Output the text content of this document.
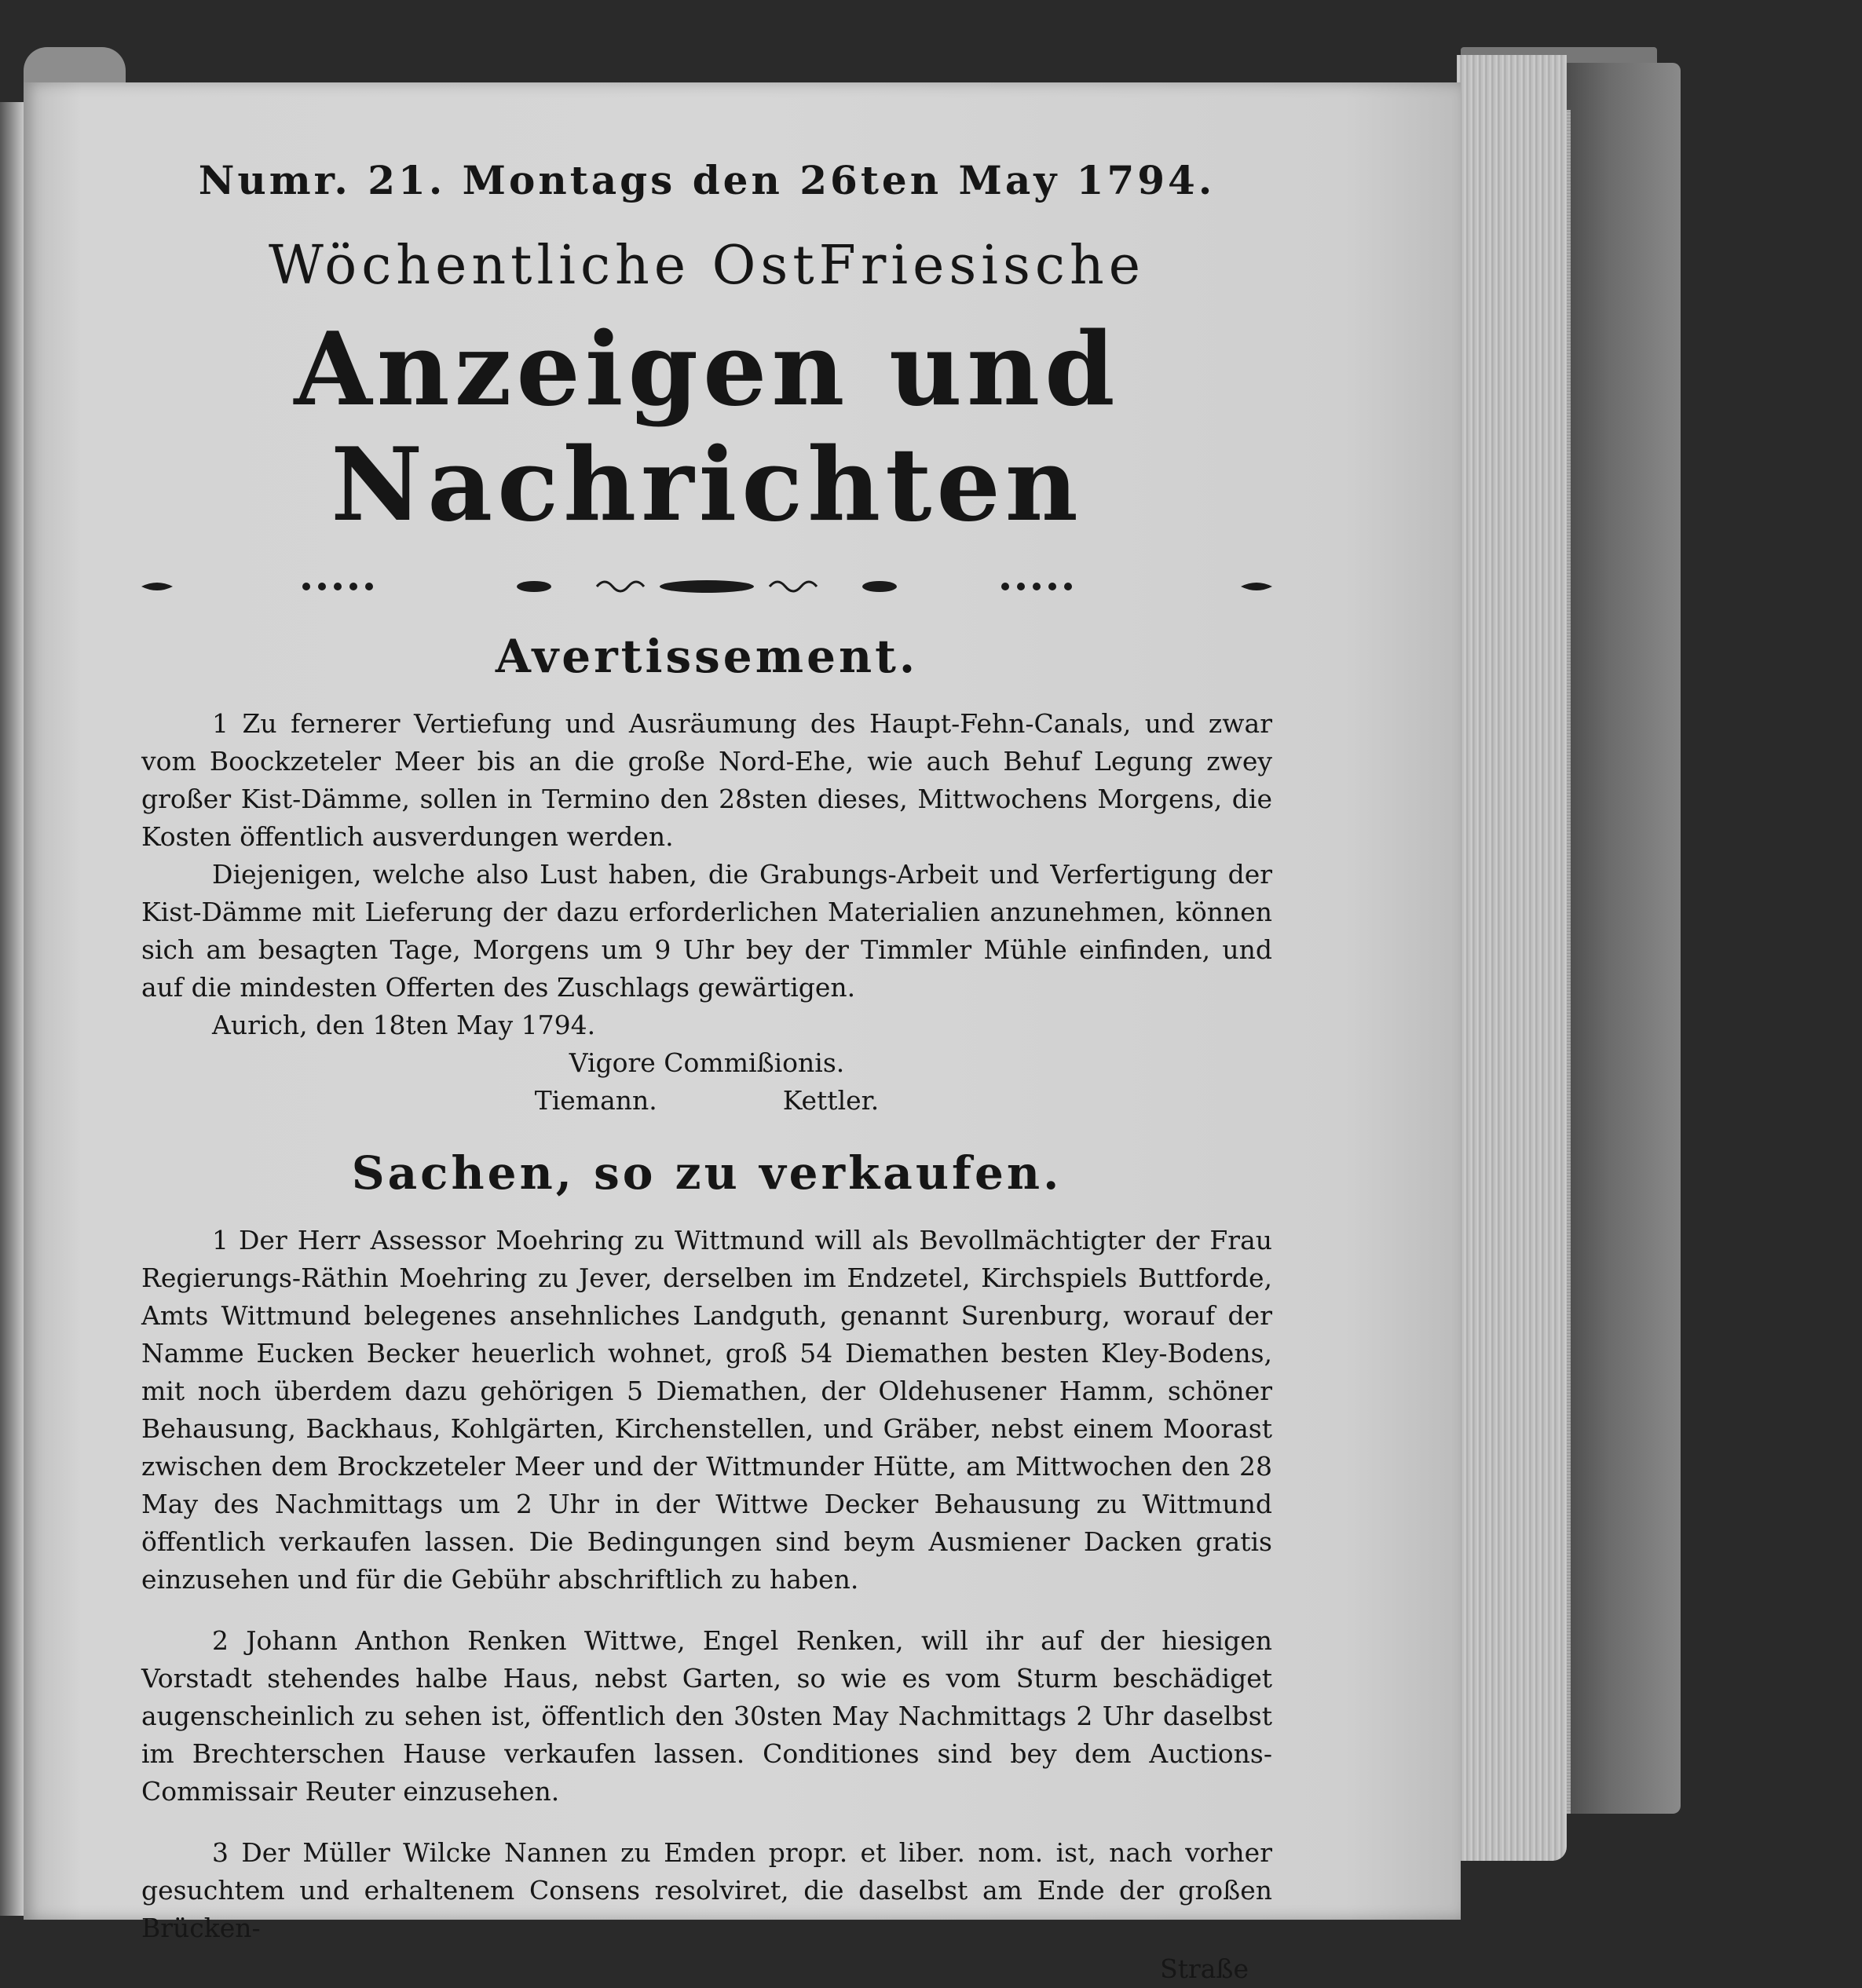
Numr. 21. Montags den 26ten May 1794.

Wöchentliche OstFriesische

Anzeigen und Nachrichten
Avertissement.

1 Zu fernerer Vertiefung und Ausräumung des Haupt-Fehn-Canals, und zwar vom Boockzeteler Meer bis an die große Nord-Ehe, wie auch Behuf Legung zwey großer Kist-Dämme, sollen in Termino den 28sten dieses, Mittwochens Morgens, die Kosten öffentlich ausverdungen werden.

Diejenigen, welche also Lust haben, die Grabungs-Arbeit und Verfertigung der Kist-Dämme mit Lieferung der dazu erforderlichen Materialien anzunehmen, können sich am besagten Tage, Morgens um 9 Uhr bey der Timmler Mühle einfinden, und auf die mindesten Offerten des Zuschlags gewärtigen.

Aurich, den 18ten May 1794.

Vigore Commißionis.

Tiemann.	Kettler.
Sachen, so zu verkaufen.

1 Der Herr Assessor Moehring zu Wittmund will als Bevollmächtigter der Frau Regierungs-Räthin Moehring zu Jever, derselben im Endzetel, Kirchspiels Buttforde, Amts Wittmund belegenes ansehnliches Landguth, genannt Surenburg, worauf der Namme Eucken Becker heuerlich wohnet, groß 54 Diemathen besten Kley-Bodens, mit noch überdem dazu gehörigen 5 Diemathen, der Oldehusener Hamm, schöner Behausung, Backhaus, Kohlgärten, Kirchenstellen, und Gräber, nebst einem Moorast zwischen dem Brockzeteler Meer und der Wittmunder Hütte, am Mittwochen den 28 May des Nachmittags um 2 Uhr in der Wittwe Decker Behausung zu Wittmund öffentlich verkaufen lassen. Die Bedingungen sind beym Ausmiener Dacken gratis einzusehen und für die Gebühr abschriftlich zu haben.

2 Johann Anthon Renken Wittwe, Engel Renken, will ihr auf der hiesigen Vorstadt stehendes halbe Haus, nebst Garten, so wie es vom Sturm beschädiget augenscheinlich zu sehen ist, öffentlich den 30sten May Nachmittags 2 Uhr daselbst im Brechterschen Hause verkaufen lassen. Conditiones sind bey dem Auctions-Commissair Reuter einzusehen.

3 Der Müller Wilcke Nannen zu Emden propr. et liber. nom. ist, nach vorher gesuchtem und erhaltenem Consens resolviret, die daselbst am Ende der großen Brücken-

Straße
